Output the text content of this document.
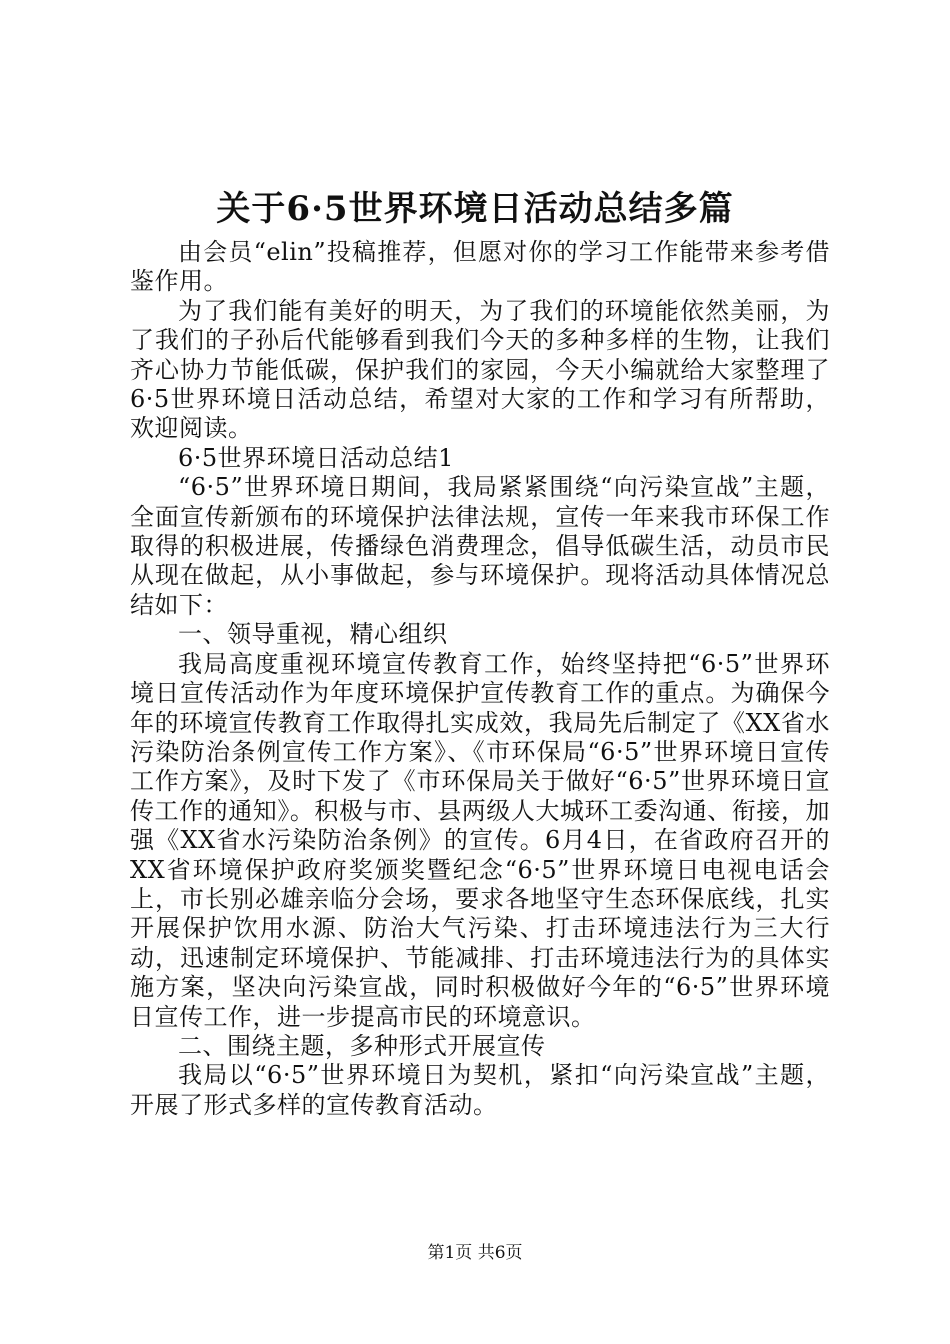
关于6·5世界环境日活动总结多篇

由会员“elin”投稿推荐，但愿对你的学习工作能带来参考借鉴作用。

为了我们能有美好的明天，为了我们的环境能依然美丽，为了我们的子孙后代能够看到我们今天的多种多样的生物，让我们齐心协力节能低碳，保护我们的家园，今天小编就给大家整理了6·5世界环境日活动总结，希望对大家的工作和学习有所帮助，欢迎阅读。

6·5世界环境日活动总结1

“6·5”世界环境日期间，我局紧紧围绕“向污染宣战”主题，全面宣传新颁布的环境保护法律法规，宣传一年来我市环保工作取得的积极进展，传播绿色消费理念，倡导低碳生活，动员市民从现在做起，从小事做起，参与环境保护。现将活动具体情况总结如下：

一、领导重视，精心组织

我局高度重视环境宣传教育工作，始终坚持把“6·5”世界环境日宣传活动作为年度环境保护宣传教育工作的重点。为确保今年的环境宣传教育工作取得扎实成效，我局先后制定了《XX省水污染防治条例宣传工作方案》、《市环保局“6·5”世界环境日宣传工作方案》，及时下发了《市环保局关于做好“6·5”世界环境日宣传工作的通知》。积极与市、县两级人大城环工委沟通、衔接，加强《XX省水污染防治条例》的宣传。6月4日，在省政府召开的XX省环境保护政府奖颁奖暨纪念“6·5”世界环境日电视电话会上，市长别必雄亲临分会场，要求各地坚守生态环保底线，扎实开展保护饮用水源、防治大气污染、打击环境违法行为三大行动，迅速制定环境保护、节能减排、打击环境违法行为的具体实施方案，坚决向污染宣战，同时积极做好今年的“6·5”世界环境日宣传工作，进一步提高市民的环境意识。

二、围绕主题，多种形式开展宣传

我局以“6·5”世界环境日为契机，紧扣“向污染宣战”主题，开展了形式多样的宣传教育活动。

第1页 共6页
